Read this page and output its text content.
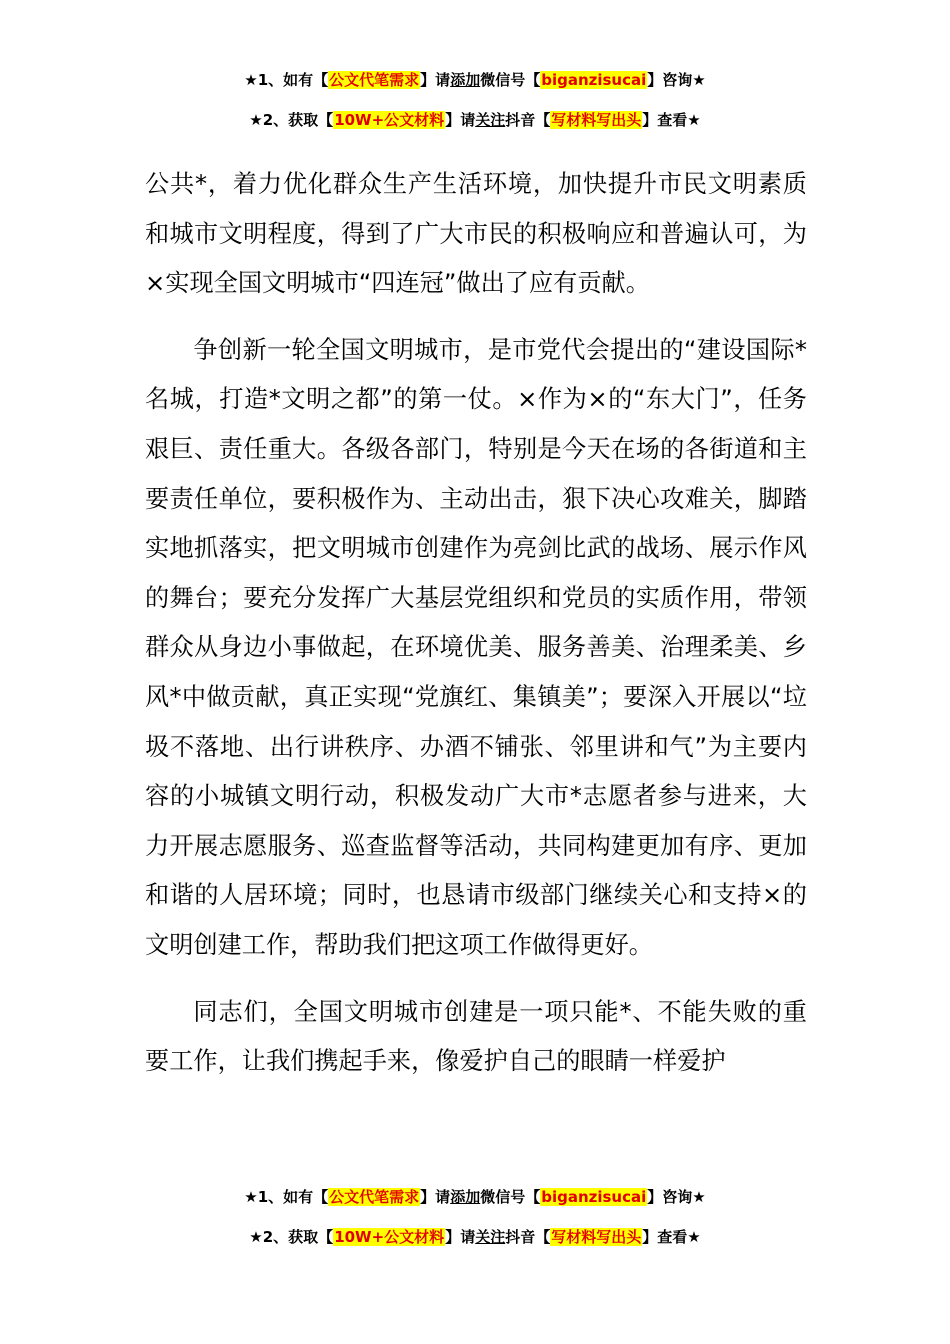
★1、如有【公文代笔需求】请添加微信号【biganzisucai】咨询★
★2、获取【10W+公文材料】请关注抖音【写材料写出头】查看★

公共*，着力优化群众生产生活环境，加快提升市民文明素质和城市文明程度，得到了广大市民的积极响应和普遍认可，为×实现全国文明城市“四连冠”做出了应有贡献。

争创新一轮全国文明城市，是市党代会提出的“建设国际*名城，打造*文明之都”的第一仗。×作为×的“东大门”，任务艰巨、责任重大。各级各部门，特别是今天在场的各街道和主要责任单位，要积极作为、主动出击，狠下决心攻难关，脚踏实地抓落实，把文明城市创建作为亮剑比武的战场、展示作风的舞台；要充分发挥广大基层党组织和党员的实质作用，带领群众从身边小事做起，在环境优美、服务善美、治理柔美、乡风*中做贡献，真正实现“党旗红、集镇美”；要深入开展以“垃圾不落地、出行讲秩序、办酒不铺张、邻里讲和气”为主要内容的小城镇文明行动，积极发动广大市*志愿者参与进来，大力开展志愿服务、巡查监督等活动，共同构建更加有序、更加和谐的人居环境；同时，也恳请市级部门继续关心和支持×的文明创建工作，帮助我们把这项工作做得更好。

同志们，全国文明城市创建是一项只能*、不能失败的重要工作，让我们携起手来，像爱护自己的眼睛一样爱护

★1、如有【公文代笔需求】请添加微信号【biganzisucai】咨询★
★2、获取【10W+公文材料】请关注抖音【写材料写出头】查看★
